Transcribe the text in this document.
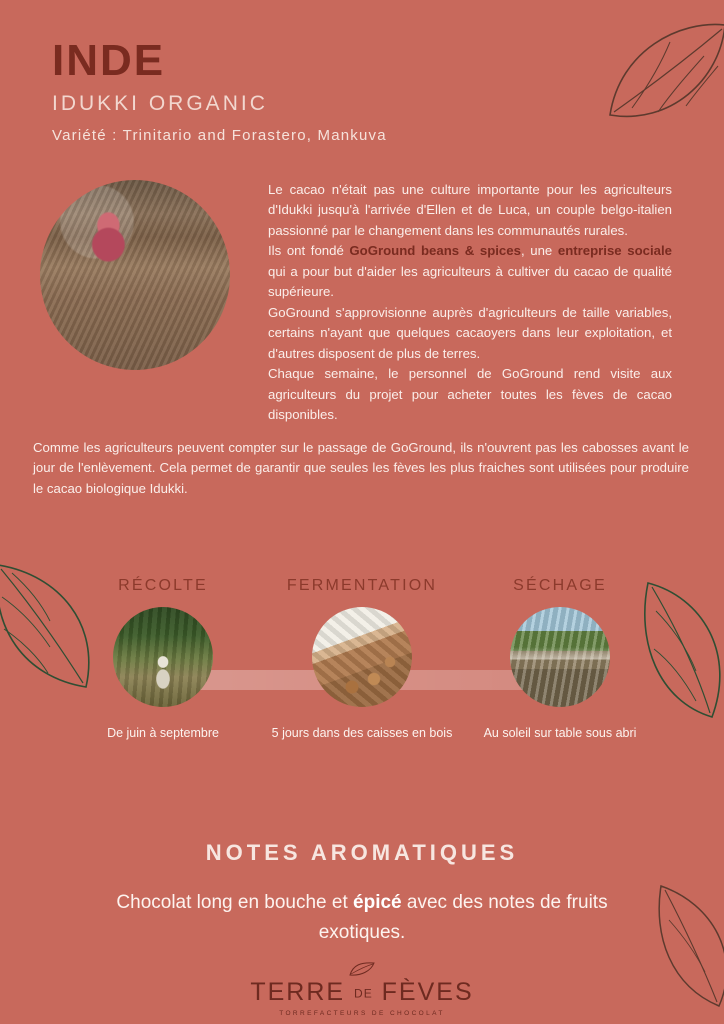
INDE
IDUKKI ORGANIC
Variété : Trinitario and Forastero, Mankuva

Le cacao n'était pas une culture importante pour les agriculteurs d'Idukki jusqu'à l'arrivée d'Ellen et de Luca, un couple belgo-italien passionné par le changement dans les communautés rurales.

Ils ont fondé GoGround beans & spices, une entreprise sociale qui a pour but d'aider les agriculteurs à cultiver du cacao de qualité supérieure.

GoGround s'approvisionne auprès d'agriculteurs de taille variables, certains n'ayant que quelques cacaoyers dans leur exploitation, et d'autres disposent de plus de terres.

Chaque semaine, le personnel de GoGround rend visite aux agriculteurs du projet pour acheter toutes les fèves de cacao disponibles.

Comme les agriculteurs peuvent compter sur le passage de GoGround, ils n'ouvrent pas les cabosses avant le jour de l'enlèvement. Cela permet de garantir que seules les fèves les plus fraiches sont utilisées pour produire le cacao biologique Idukki.

RÉCOLTE
De juin à septembre
FERMENTATION
5 jours dans des caisses en bois
SÉCHAGE
Au soleil sur table sous abri
NOTES AROMATIQUES
Chocolat long en bouche et épicé avec des notes de fruits exotiques.
TERRE DE FÈVES
TORREFACTEURS DE CHOCOLAT
